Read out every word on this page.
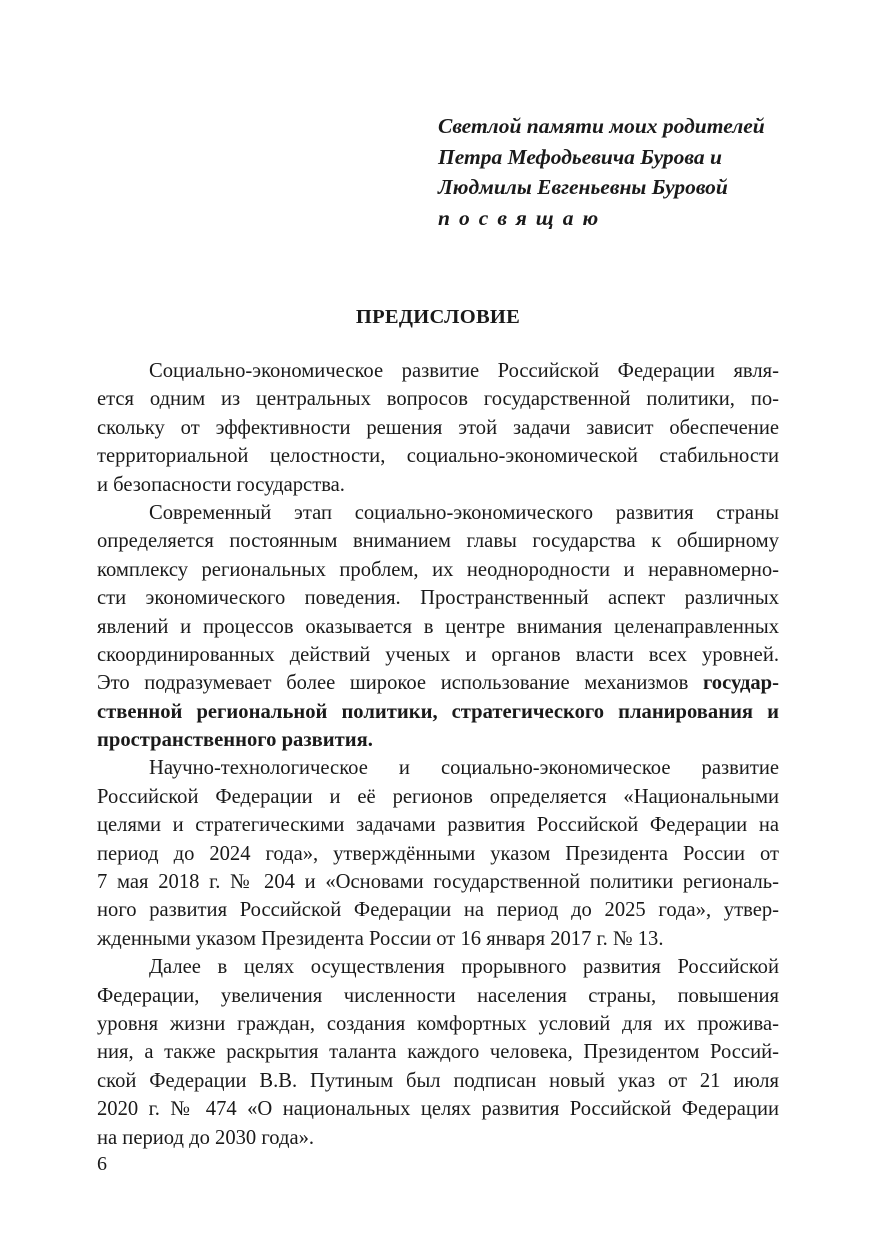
Светлой памяти моих родителей
Петра Мефодьевича Бурова и
Людмилы Евгеньевны Буровой
посвящаю
ПРЕДИСЛОВИЕ
Социально-экономическое развитие Российской Федерации явля-
ется одним из центральных вопросов государственной политики, по-
скольку от эффективности решения этой задачи зависит обеспечение
территориальной целостности, социально-экономической стабильности
и безопасности государства.
Современный этап социально-экономического развития страны
определяется постоянным вниманием главы государства к обширному
комплексу региональных проблем, их неоднородности и неравномерно-
сти экономического поведения. Пространственный аспект различных
явлений и процессов оказывается в центре внимания целенаправленных
скоординированных действий ученых и органов власти всех уровней.
Это подразумевает более широкое использование механизмов государ-
ственной региональной политики, стратегического планирования и
пространственного развития.
Научно-технологическое и социально-экономическое развитие
Российской Федерации и её регионов определяется «Национальными
целями и стратегическими задачами развития Российской Федерации на
период до 2024 года», утверждёнными указом Президента России от
7 мая 2018 г. № 204 и «Основами государственной политики региональ-
ного развития Российской Федерации на период до 2025 года», утвер-
жденными указом Президента России от 16 января 2017 г. № 13.
Далее в целях осуществления прорывного развития Российской
Федерации, увеличения численности населения страны, повышения
уровня жизни граждан, создания комфортных условий для их прожива-
ния, а также раскрытия таланта каждого человека, Президентом Россий-
ской Федерации В.В. Путиным был подписан новый указ от 21 июля
2020 г. № 474 «О национальных целях развития Российской Федерации
на период до 2030 года».
6
